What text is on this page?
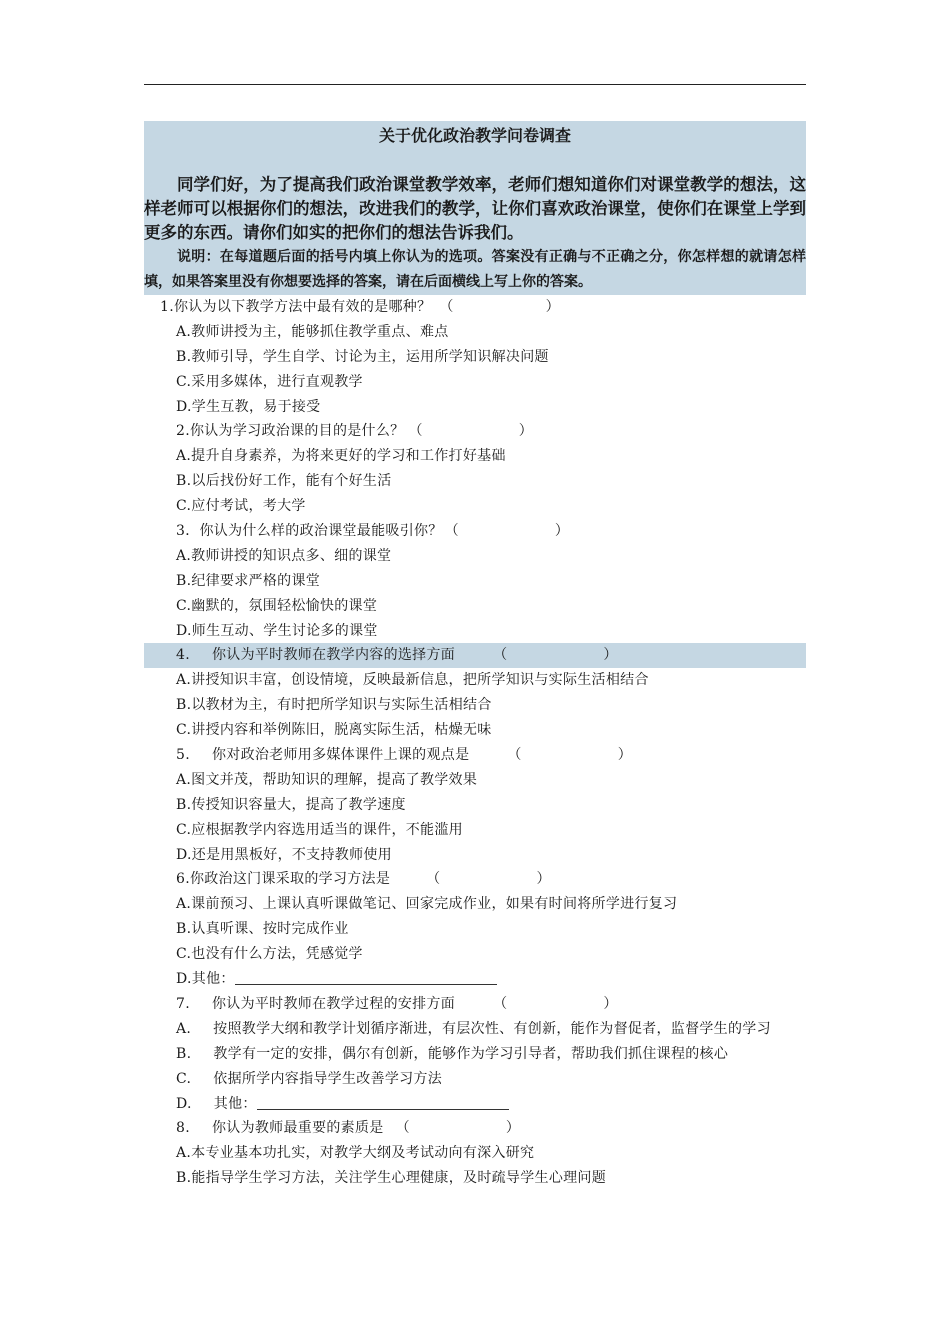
关于优化政治教学问卷调查
同学们好，为了提高我们政治课堂教学效率，老师们想知道你们对课堂教学的想法，这样老师可以根据你们的想法，改进我们的教学，让你们喜欢政治课堂，使你们在课堂上学到更多的东西。请你们如实的把你们的想法告诉我们。
说明：在每道题后面的括号内填上你认为的选项。答案没有正确与不正确之分，你怎样想的就请怎样填，如果答案里没有你想要选择的答案，请在后面横线上写上你的答案。
1.你认为以下教学方法中最有效的是哪种？ （	）
A.教师讲授为主，能够抓住教学重点、难点
B.教师引导，学生自学、讨论为主，运用所学知识解决问题
C.采用多媒体，进行直观教学
D.学生互教，易于接受
2.你认为学习政治课的目的是什么？ （	）
A.提升自身素养，为将来更好的学习和工作打好基础
B.以后找份好工作，能有个好生活
C.应付考试，考大学
3．你认为什么样的政治课堂最能吸引你？ （	）
A.教师讲授的知识点多、细的课堂
B.纪律要求严格的课堂
C.幽默的，氛围轻松愉快的课堂
D.师生互动、学生讨论多的课堂
4. 你认为平时教师在教学内容的选择方面	（	）
A.讲授知识丰富，创设情境，反映最新信息，把所学知识与实际生活相结合
B.以教材为主，有时把所学知识与实际生活相结合
C.讲授内容和举例陈旧，脱离实际生活，枯燥无味
5. 你对政治老师用多媒体课件上课的观点是	（	）
A.图文并茂，帮助知识的理解，提高了教学效果
B.传授知识容量大，提高了教学速度
C.应根据教学内容选用适当的课件，不能滥用
D.还是用黑板好，不支持教师使用
6.你政治这门课采取的学习方法是	（	）
A.课前预习、上课认真听课做笔记、回家完成作业，如果有时间将所学进行复习
B.认真听课、按时完成作业
C.也没有什么方法，凭感觉学
D.其他：
7. 你认为平时教师在教学过程的安排方面	（	）
A. 按照教学大纲和教学计划循序渐进，有层次性、有创新，能作为督促者，监督学生的学习
B. 教学有一定的安排，偶尔有创新，能够作为学习引导者，帮助我们抓住课程的核心
C. 依据所学内容指导学生改善学习方法
D. 其他：
8. 你认为教师最重要的素质是 （	）
A.本专业基本功扎实，对教学大纲及考试动向有深入研究
B.能指导学生学习方法，关注学生心理健康，及时疏导学生心理问题
